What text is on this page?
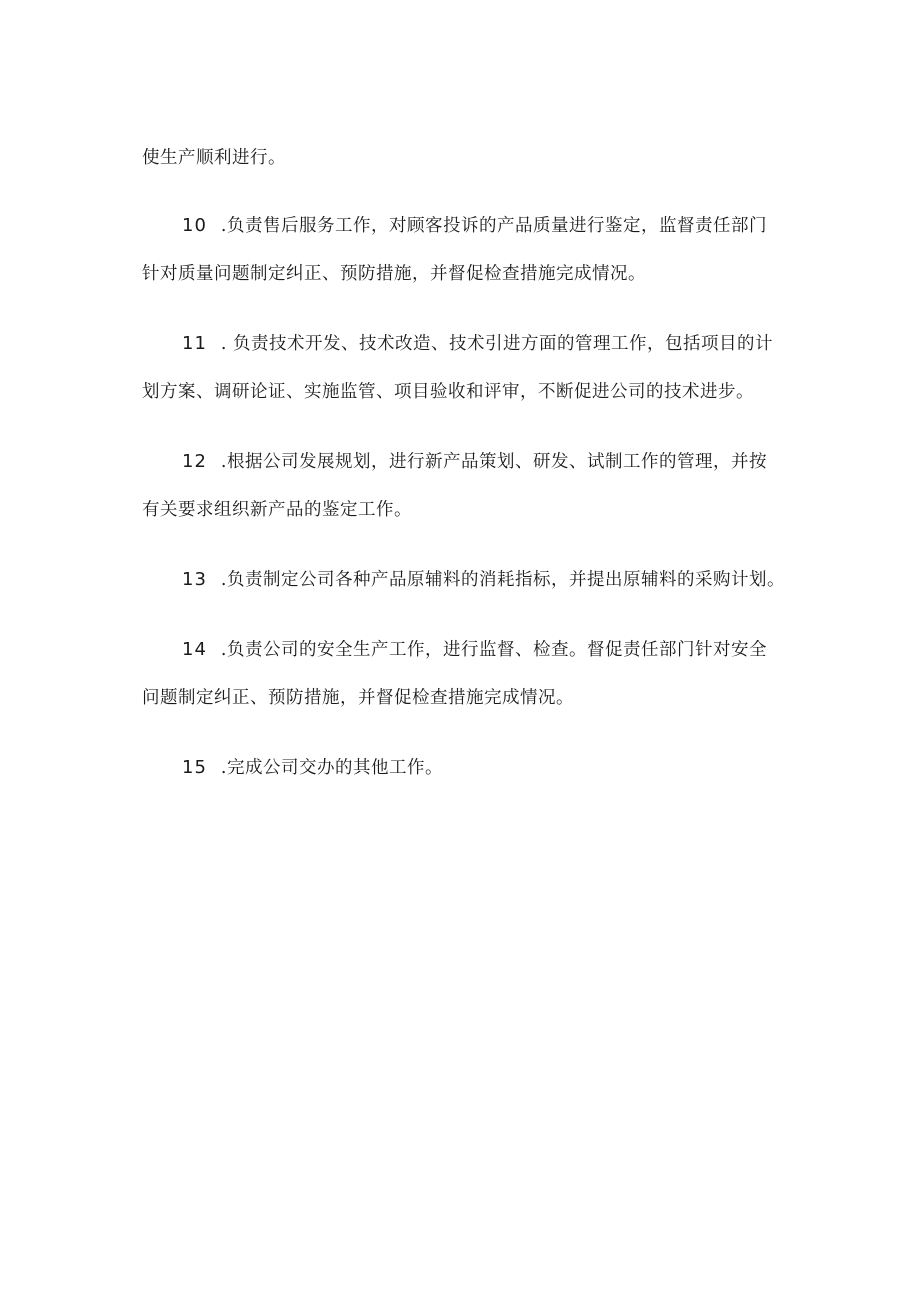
使生产顺利进行。
10 .负责售后服务工作，对顾客投诉的产品质量进行鉴定，监督责任部门
针对质量问题制定纠正、预防措施，并督促检查措施完成情况。
11 . 负责技术开发、技术改造、技术引进方面的管理工作，包括项目的计
划方案、调研论证、实施监管、项目验收和评审，不断促进公司的技术进步。
12 .根据公司发展规划，进行新产品策划、研发、试制工作的管理，并按
有关要求组织新产品的鉴定工作。
13 .负责制定公司各种产品原辅料的消耗指标，并提出原辅料的采购计划。
14 .负责公司的安全生产工作，进行监督、检查。督促责任部门针对安全
问题制定纠正、预防措施，并督促检查措施完成情况。
15 .完成公司交办的其他工作。
